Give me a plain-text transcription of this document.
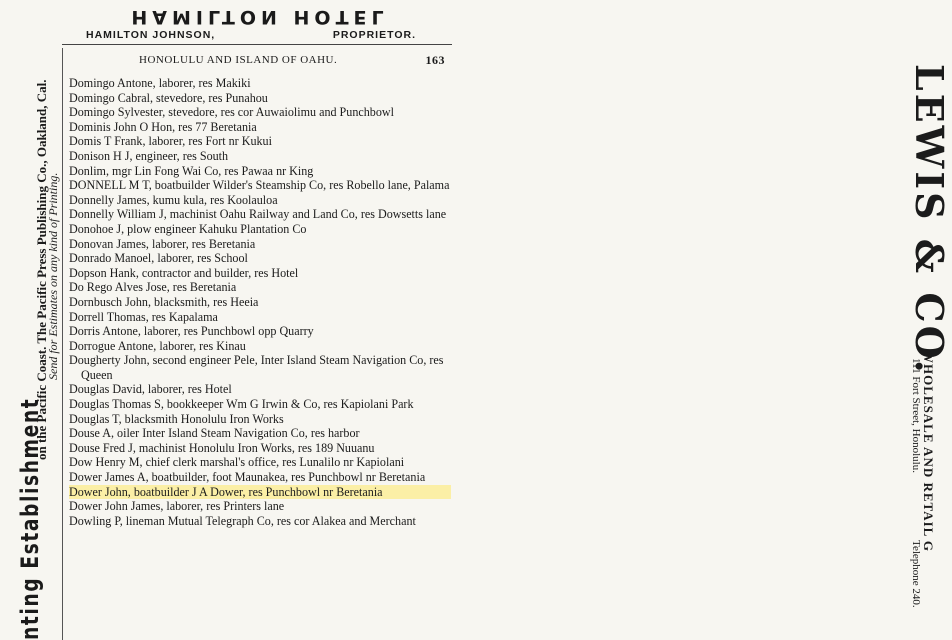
HAMILTON HOTEL
HAMILTON JOHNSON,	PROPRIETOR.
nting Establishment
on the Pacific Coast. The Pacific Press Publishing Co., Oakland, Cal.
Send for Estimates on any kind of Printing.	LEWIS & CO.
WHOLESALE AND RETAIL G
111 Fort Street, Honolulu.
Telephone 240.
HONOLULU AND ISLAND OF OAHU.	163
Domingo Antone, laborer, res Makiki
Domingo Cabral, stevedore, res Punahou
Domingo Sylvester, stevedore, res cor Auwaiolimu and Punchbowl
Dominis John O Hon, res 77 Beretania
Domis T Frank, laborer, res Fort nr Kukui
Donison H J, engineer, res South
Donlim, mgr Lin Fong Wai Co, res Pawaa nr King
DONNELL M T, boatbuilder Wilder's Steamship Co, res Robello lane, Palama
Donnelly James, kumu kula, res Koolauloa
Donnelly William J, machinist Oahu Railway and Land Co, res Dowsetts lane
Donohoe J, plow engineer Kahuku Plantation Co
Donovan James, laborer, res Beretania
Donrado Manoel, laborer, res School
Dopson Hank, contractor and builder, res Hotel
Do Rego Alves Jose, res Beretania
Dornbusch John, blacksmith, res Heeia
Dorrell Thomas, res Kapalama
Dorris Antone, laborer, res Punchbowl opp Quarry
Dorrogue Antone, laborer, res Kinau
Dougherty John, second engineer Pele, Inter Island Steam Navigation Co, res Queen
Douglas David, laborer, res Hotel
Douglas Thomas S, bookkeeper Wm G Irwin & Co, res Kapiolani Park
Douglas T, blacksmith Honolulu Iron Works
Douse A, oiler Inter Island Steam Navigation Co, res harbor
Douse Fred J, machinist Honolulu Iron Works, res 189 Nuuanu
Dow Henry M, chief clerk marshal's office, res Lunalilo nr Kapiolani
Dower James A, boatbuilder, foot Maunakea, res Punchbowl nr Beretania
Dower John, boatbuilder J A Dower, res Punchbowl nr Beretania
Dower John James, laborer, res Printers lane
Dowling P, lineman Mutual Telegraph Co, res cor Alakea and Merchant
